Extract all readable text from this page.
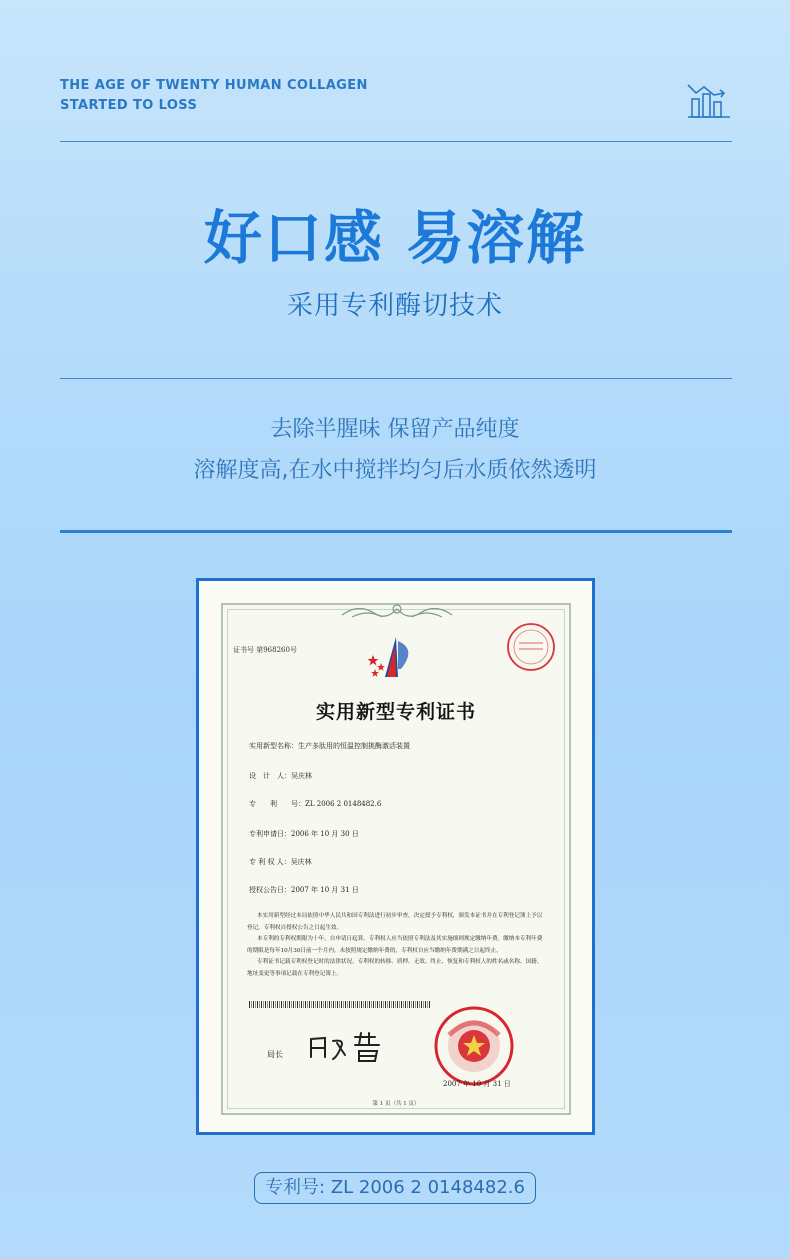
THE AGE OF TWENTY HUMAN COLLAGEN
STARTED TO LOSS
好口感 易溶解
采用专利酶切技术
去除半腥味 保留产品纯度
溶解度高,在水中搅拌均匀后水质依然透明
证书号 第968260号
实用新型专利证书
实用新型名称：生产多肽用的恒温控制挑酶激活装置
设　计　人：吴庆林
专　　利　　号：ZL 2006 2 0148482.6
专利申请日：2006 年 10 月 30 日
专 利 权 人：吴庆林
授权公告日：2007 年 10 月 31 日

本实用新型经过本局依照中华人民共和国专利法进行初步审查，决定授予专利权，颁发本证书并在专利登记簿上予以登记。专利权自授权公告之日起生效。

本专利的专利权期限为十年，自申请日起算。专利权人应当依照专利法及其实施细则规定缴纳年费。缴纳本专利年费的期限是每年10月30日前一个月内。未按照规定缴纳年费的，专利权自应当缴纳年费期满之日起终止。

专利证书记载专利权登记时的法律状况。专利权的转移、质押、无效、终止、恢复和专利权人的姓名或名称、国籍、地址变更等事项记载在专利登记簿上。

局长
2007 年 10 月 31 日
第 1 页（共 1 页）
专利号: ZL 2006 2 0148482.6
